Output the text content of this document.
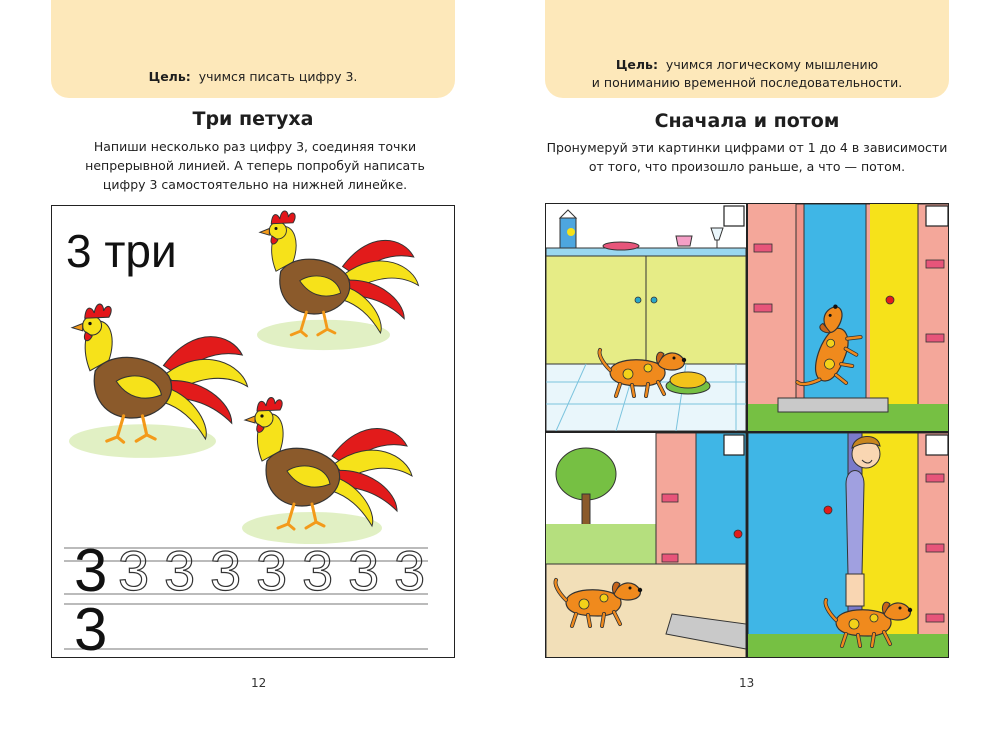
Цель: учимся писать цифру 3.
Три петуха
Напиши несколько раз цифру 3, соединяя точки непрерывной линией. А теперь попробуй написать цифру 3 самостоятельно на нижней линейке.
3 три
3 3 3 3 3 3 3 3
3
12
Цель: учимся логическому мышлению
и пониманию временной последовательности.
Сначала и потом
Пронумеруй эти картинки цифрами от 1 до 4 в зависимости от того, что произошло раньше, а что — потом.
13
